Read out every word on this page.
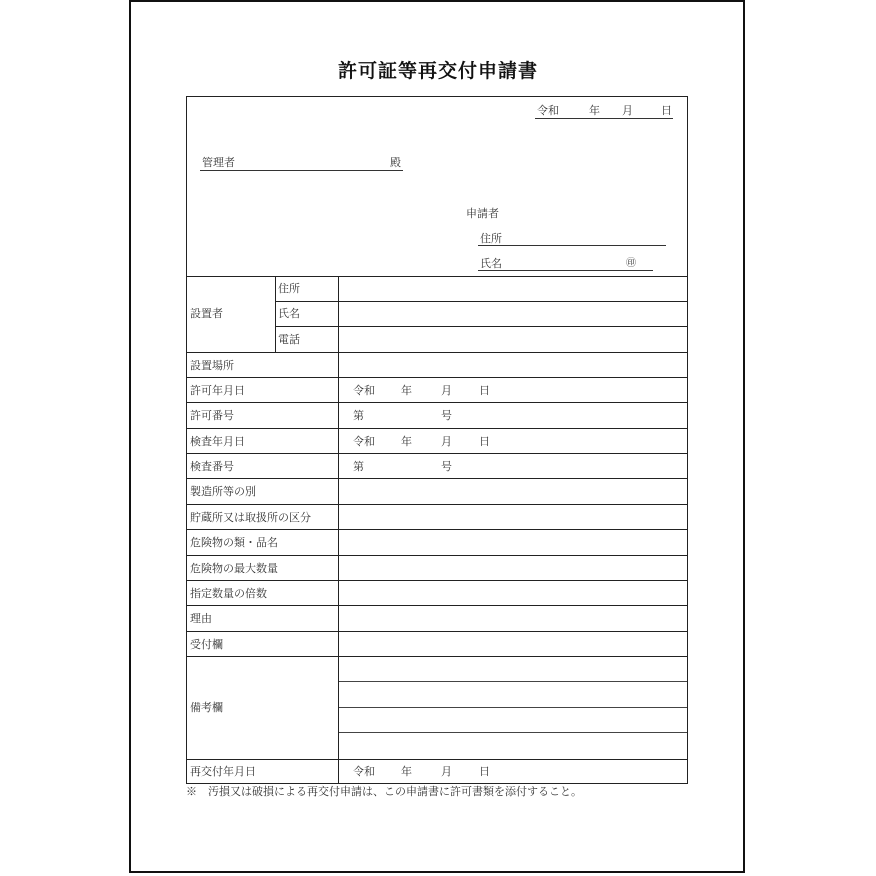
許可証等再交付申請書
令和	年 月	日
管理者	殿
申請者
住所
氏名	㊞
設置者
住所
氏名
電話
設置場所
許可年月日	令和 年	月 日
許可番号	第	号
検査年月日	令和 年	月 日
検査番号	第	号
製造所等の別
貯蔵所又は取扱所の区分
危険物の類・品名
危険物の最大数量
指定数量の倍数
理由
受付欄
備考欄
再交付年月日	令和 年	月 日
※　汚損又は破損による再交付申請は、この申請書に許可書類を添付すること。
